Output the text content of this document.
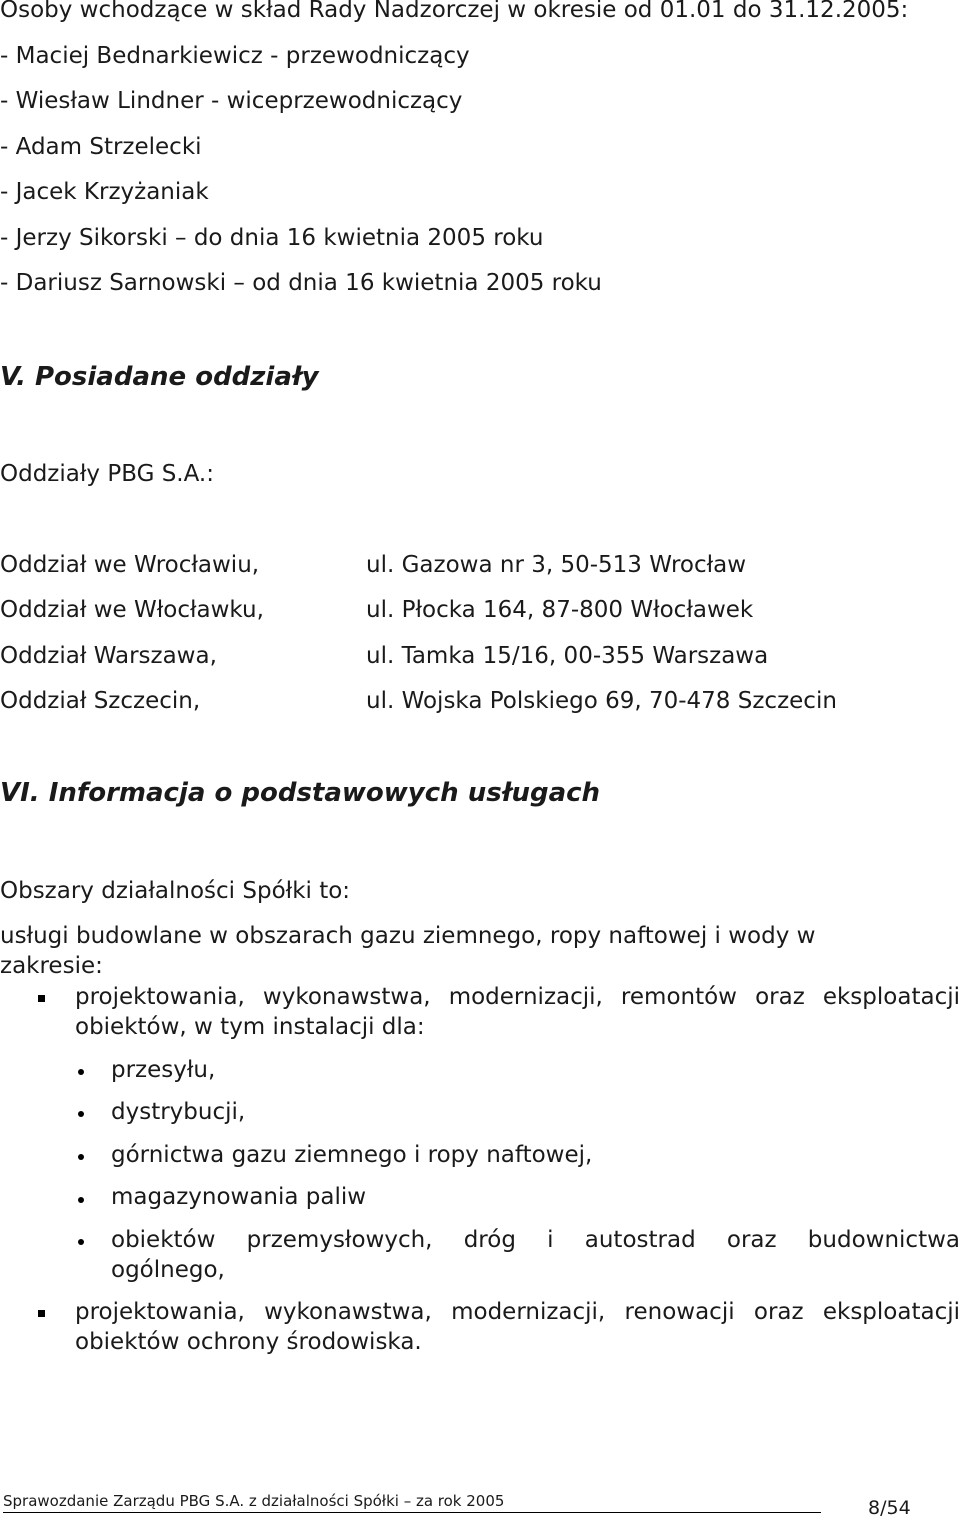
Osoby wchodzące w skład Rady Nadzorczej w okresie od 01.01 do 31.12.2005:
- Maciej Bednarkiewicz - przewodniczący
- Wiesław Lindner - wiceprzewodniczący
- Adam Strzelecki
- Jacek Krzyżaniak
- Jerzy Sikorski – do dnia 16 kwietnia 2005 roku
- Dariusz Sarnowski – od dnia 16 kwietnia 2005 roku
V. Posiadane oddziały
Oddziały PBG S.A.:
Oddział we Wrocławiu,	ul. Gazowa nr 3, 50-513 Wrocław
Oddział we Włocławku,	ul. Płocka 164, 87-800 Włocławek
Oddział Warszawa,	ul. Tamka 15/16, 00-355 Warszawa
Oddział Szczecin,	ul. Wojska Polskiego 69, 70-478 Szczecin
VI. Informacja o podstawowych usługach
Obszary działalności Spółki to:
usługi budowlane w obszarach gazu ziemnego, ropy naftowej i wody w
zakresie:
projektowania, wykonawstwa, modernizacji, remontów oraz eksploatacji
obiektów, w tym instalacji dla:
przesyłu,
dystrybucji,
górnictwa gazu ziemnego i ropy naftowej,
magazynowania paliw
obiektów przemysłowych, dróg i autostrad oraz budownictwa
ogólnego,
projektowania, wykonawstwa, modernizacji, renowacji oraz eksploatacji
obiektów ochrony środowiska.
Sprawozdanie Zarządu PBG S.A. z działalności Spółki – za rok 2005	8/54
